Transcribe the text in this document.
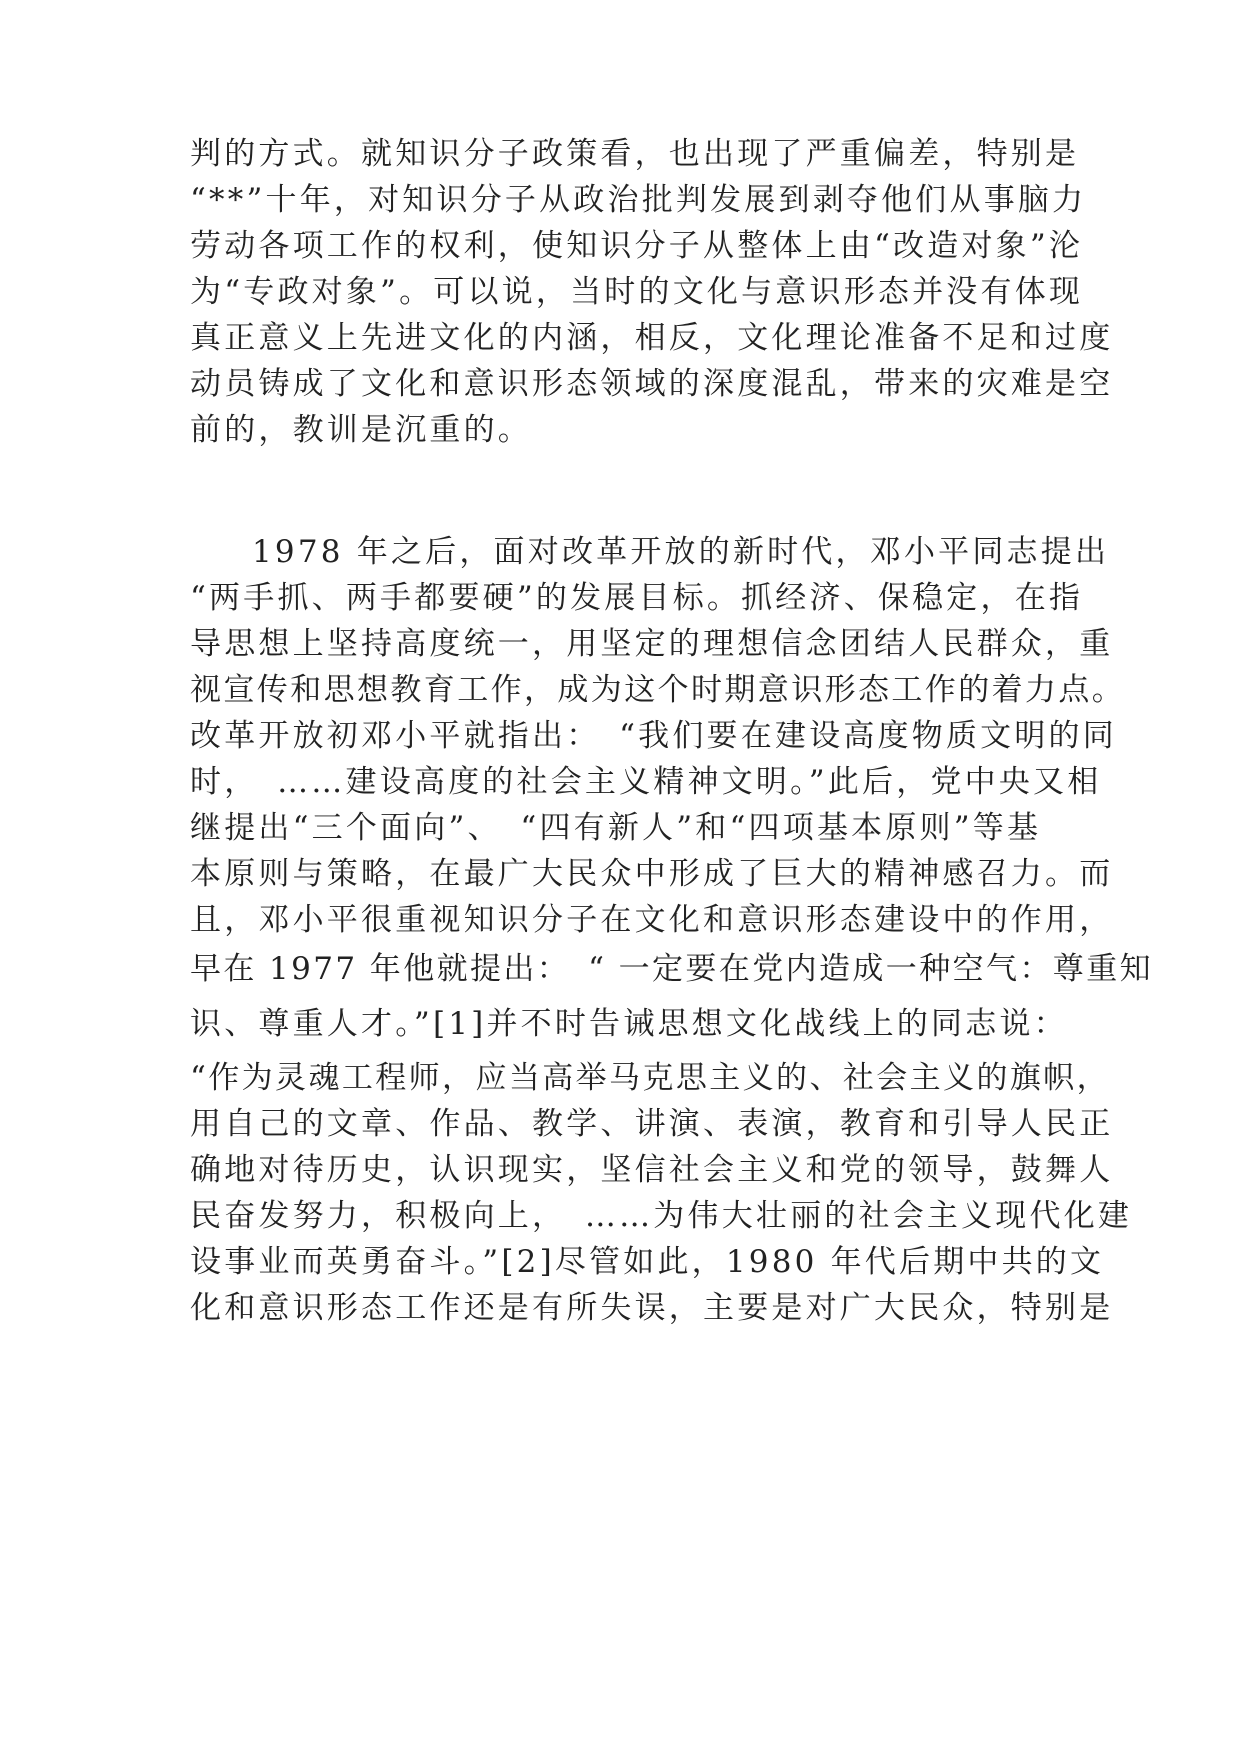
判的方式。就知识分子政策看，也出现了严重偏差，特别是
“**”十年，对知识分子从政治批判发展到剥夺他们从事脑力
劳动各项工作的权利，使知识分子从整体上由“改造对象”沦
为“专政对象”。可以说，当时的文化与意识形态并没有体现
真正意义上先进文化的内涵，相反，文化理论准备不足和过度
动员铸成了文化和意识形态领域的深度混乱，带来的灾难是空
前的，教训是沉重的。
1978 年之后，面对改革开放的新时代，邓小平同志提出
“两手抓、两手都要硬”的发展目标。抓经济、保稳定，在指
导思想上坚持高度统一，用坚定的理想信念团结人民群众，重
视宣传和思想教育工作，成为这个时期意识形态工作的着力点。
改革开放初邓小平就指出：　“我们要在建设高度物质文明的同
时，　……建设高度的社会主义精神文明。”此后，党中央又相
继提出“三个面向”、　“四有新人”和“四项基本原则”等基
本原则与策略，在最广大民众中形成了巨大的精神感召力。而
且，邓小平很重视知识分子在文化和意识形态建设中的作用，
早在 1977 年他就提出：　“ 一定要在党内造成一种空气：尊重知
识、尊重人才。”[1]并不时告诫思想文化战线上的同志说：
“作为灵魂工程师，应当高举马克思主义的、社会主义的旗帜，
用自己的文章、作品、教学、讲演、表演，教育和引导人民正
确地对待历史，认识现实，坚信社会主义和党的领导，鼓舞人
民奋发努力，积极向上，　……为伟大壮丽的社会主义现代化建
设事业而英勇奋斗。”[2]尽管如此，1980 年代后期中共的文
化和意识形态工作还是有所失误，主要是对广大民众，特别是
